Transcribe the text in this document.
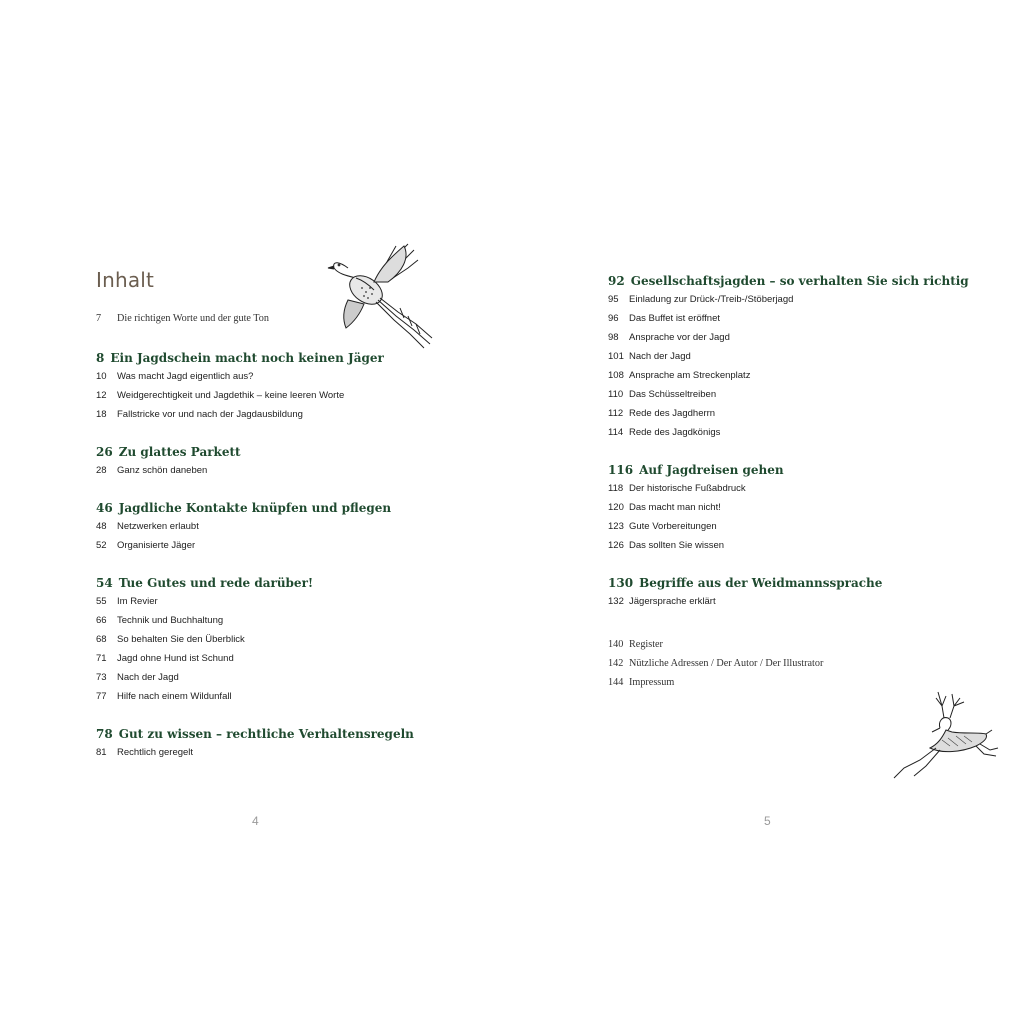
Inhalt
7	Die richtigen Worte und der gute Ton
8 Ein Jagdschein macht noch keinen Jäger
10	Was macht Jagd eigentlich aus?
12	Weidgerechtigkeit und Jagdethik – keine leeren Worte
18	Fallstricke vor und nach der Jagdausbildung
26 Zu glattes Parkett
28	Ganz schön daneben
46 Jagdliche Kontakte knüpfen und pflegen
48	Netzwerken erlaubt
52	Organisierte Jäger
54 Tue Gutes und rede darüber!
55	Im Revier
66	Technik und Buchhaltung
68	So behalten Sie den Überblick
71	Jagd ohne Hund ist Schund
73	Nach der Jagd
77	Hilfe nach einem Wildunfall
78 Gut zu wissen – rechtliche Verhaltensregeln
81	Rechtlich geregelt
92 Gesellschaftsjagden – so verhalten Sie sich richtig
95	Einladung zur Drück-/Treib-/Stöberjagd
96	Das Buffet ist eröffnet
98	Ansprache vor der Jagd
101 Nach der Jagd
108 Ansprache am Streckenplatz
110 Das Schüsseltreiben
112 Rede des Jagdherrn
114 Rede des Jagdkönigs
116 Auf Jagdreisen gehen
118 Der historische Fußabdruck
120 Das macht man nicht!
123 Gute Vorbereitungen
126 Das sollten Sie wissen
130 Begriffe aus der Weidmannssprache
132 Jägersprache erklärt
140 Register
142 Nützliche Adressen / Der Autor / Der Illustrator
144 Impressum
4	5
